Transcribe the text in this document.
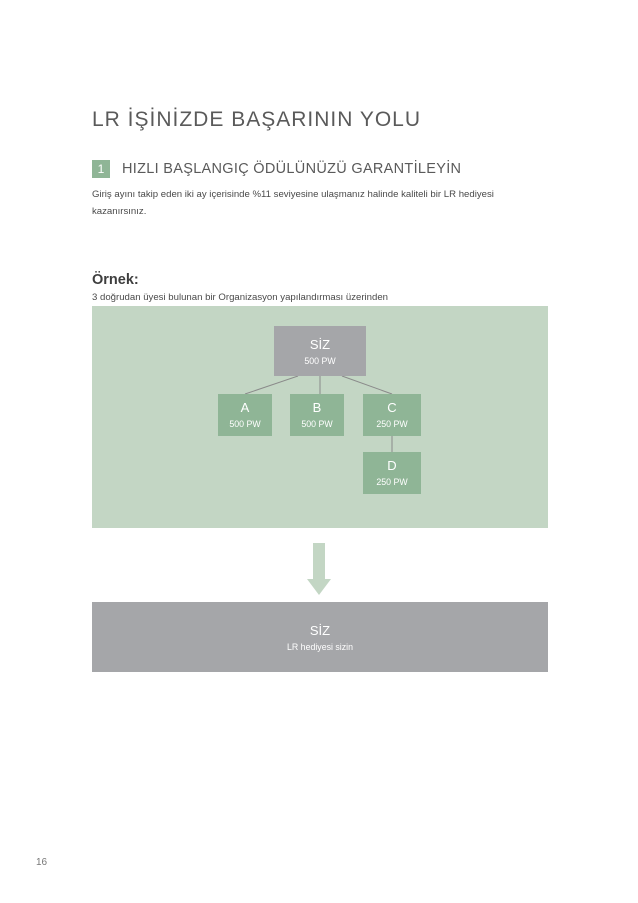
LR İŞİNİZDE BAŞARININ YOLU
1	HIZLI BAŞLANGIÇ ÖDÜLÜNÜZÜ GARANTİLEYİN

Giriş ayını takip eden iki ay içerisinde %11 seviyesine ulaşmanız halinde kaliteli bir LR hediyesi kazanırsınız.

Örnek:

3 doğrudan üyesi bulunan bir Organizasyon yapılandırması üzerinden

SİZ
500 PW
A
500 PW
B
500 PW
C
250 PW
D
250 PW
SİZ
LR hediyesi sizin
16
